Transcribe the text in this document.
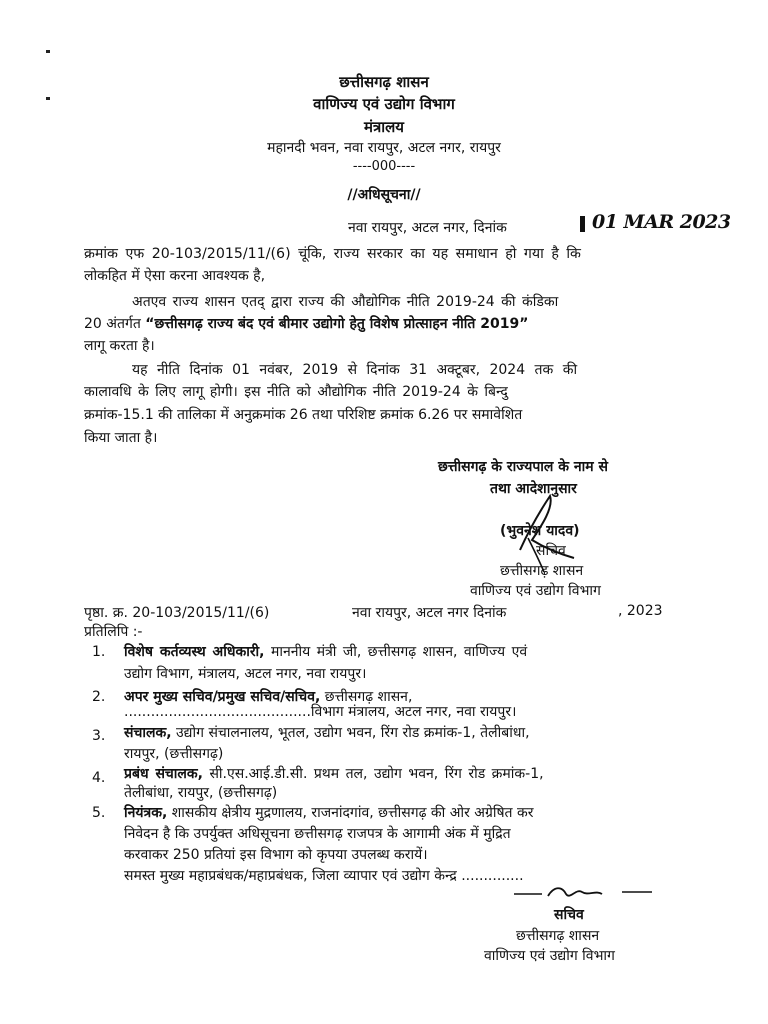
छत्तीसगढ़ शासन
वाणिज्य एवं उद्योग विभाग
मंत्रालय
महानदी भवन, नवा रायपुर, अटल नगर, रायपुर
----000----
//अधिसूचना//
नवा रायपुर, अटल नगर, दिनांक	01 MAR 2023
क्रमांक एफ 20-103/2015/11/(6) चूंकि, राज्य सरकार का यह समाधान हो गया है कि
लोकहित में ऐसा करना आवश्यक है,
अतएव राज्य शासन एतद् द्वारा राज्य की औद्योगिक नीति 2019-24 की कंडिका
20 अंतर्गत “छत्तीसगढ़ राज्य बंद एवं बीमार उद्योगो हेतु विशेष प्रोत्साहन नीति 2019”
लागू करता है।
यह नीति दिनांक 01 नवंबर, 2019 से दिनांक 31 अक्टूबर, 2024 तक की
कालावधि के लिए लागू होगी। इस नीति को औद्योगिक नीति 2019-24 के बिन्दु
क्रमांक-15.1 की तालिका में अनुक्रमांक 26 तथा परिशिष्ट क्रमांक 6.26 पर समावेशित
किया जाता है।
छत्तीसगढ़ के राज्यपाल के नाम से
तथा आदेशानुसार
(भुवनेश यादव)
सचिव
छत्तीसगढ़ शासन
वाणिज्य एवं उद्योग विभाग
पृष्ठा. क्र. 20-103/2015/11/(6)	नवा रायपुर, अटल नगर दिनांक	, 2023
प्रतिलिपि :-
1. विशेष कर्तव्यस्थ अधिकारी, माननीय मंत्री जी, छत्तीसगढ़ शासन, वाणिज्य एवं
उद्योग विभाग, मंत्रालय, अटल नगर, नवा रायपुर।
2. अपर मुख्य सचिव/प्रमुख सचिव/सचिव, छत्तीसगढ़ शासन,
..........................................विभाग मंत्रालय, अटल नगर, नवा रायपुर।
3. संचालक, उद्योग संचालनालय, भूतल, उद्योग भवन, रिंग रोड क्रमांक-1, तेलीबांधा,
रायपुर, (छत्तीसगढ़)
4. प्रबंध संचालक, सी.एस.आई.डी.सी. प्रथम तल, उद्योग भवन, रिंग रोड क्रमांक-1,
तेलीबांधा, रायपुर, (छत्तीसगढ़)
5. नियंत्रक, शासकीय क्षेत्रीय मुद्रणालय, राजनांदगांव, छत्तीसगढ़ की ओर अग्रेषित कर
निवेदन है कि उपर्युक्त अधिसूचना छत्तीसगढ़ राजपत्र के आगामी अंक में मुद्रित
करवाकर 250 प्रतियां इस विभाग को कृपया उपलब्ध करायें।
समस्त मुख्य महाप्रबंधक/महाप्रबंधक, जिला व्यापार एवं उद्योग केन्द्र ..............
सचिव
छत्तीसगढ़ शासन
वाणिज्य एवं उद्योग विभाग
